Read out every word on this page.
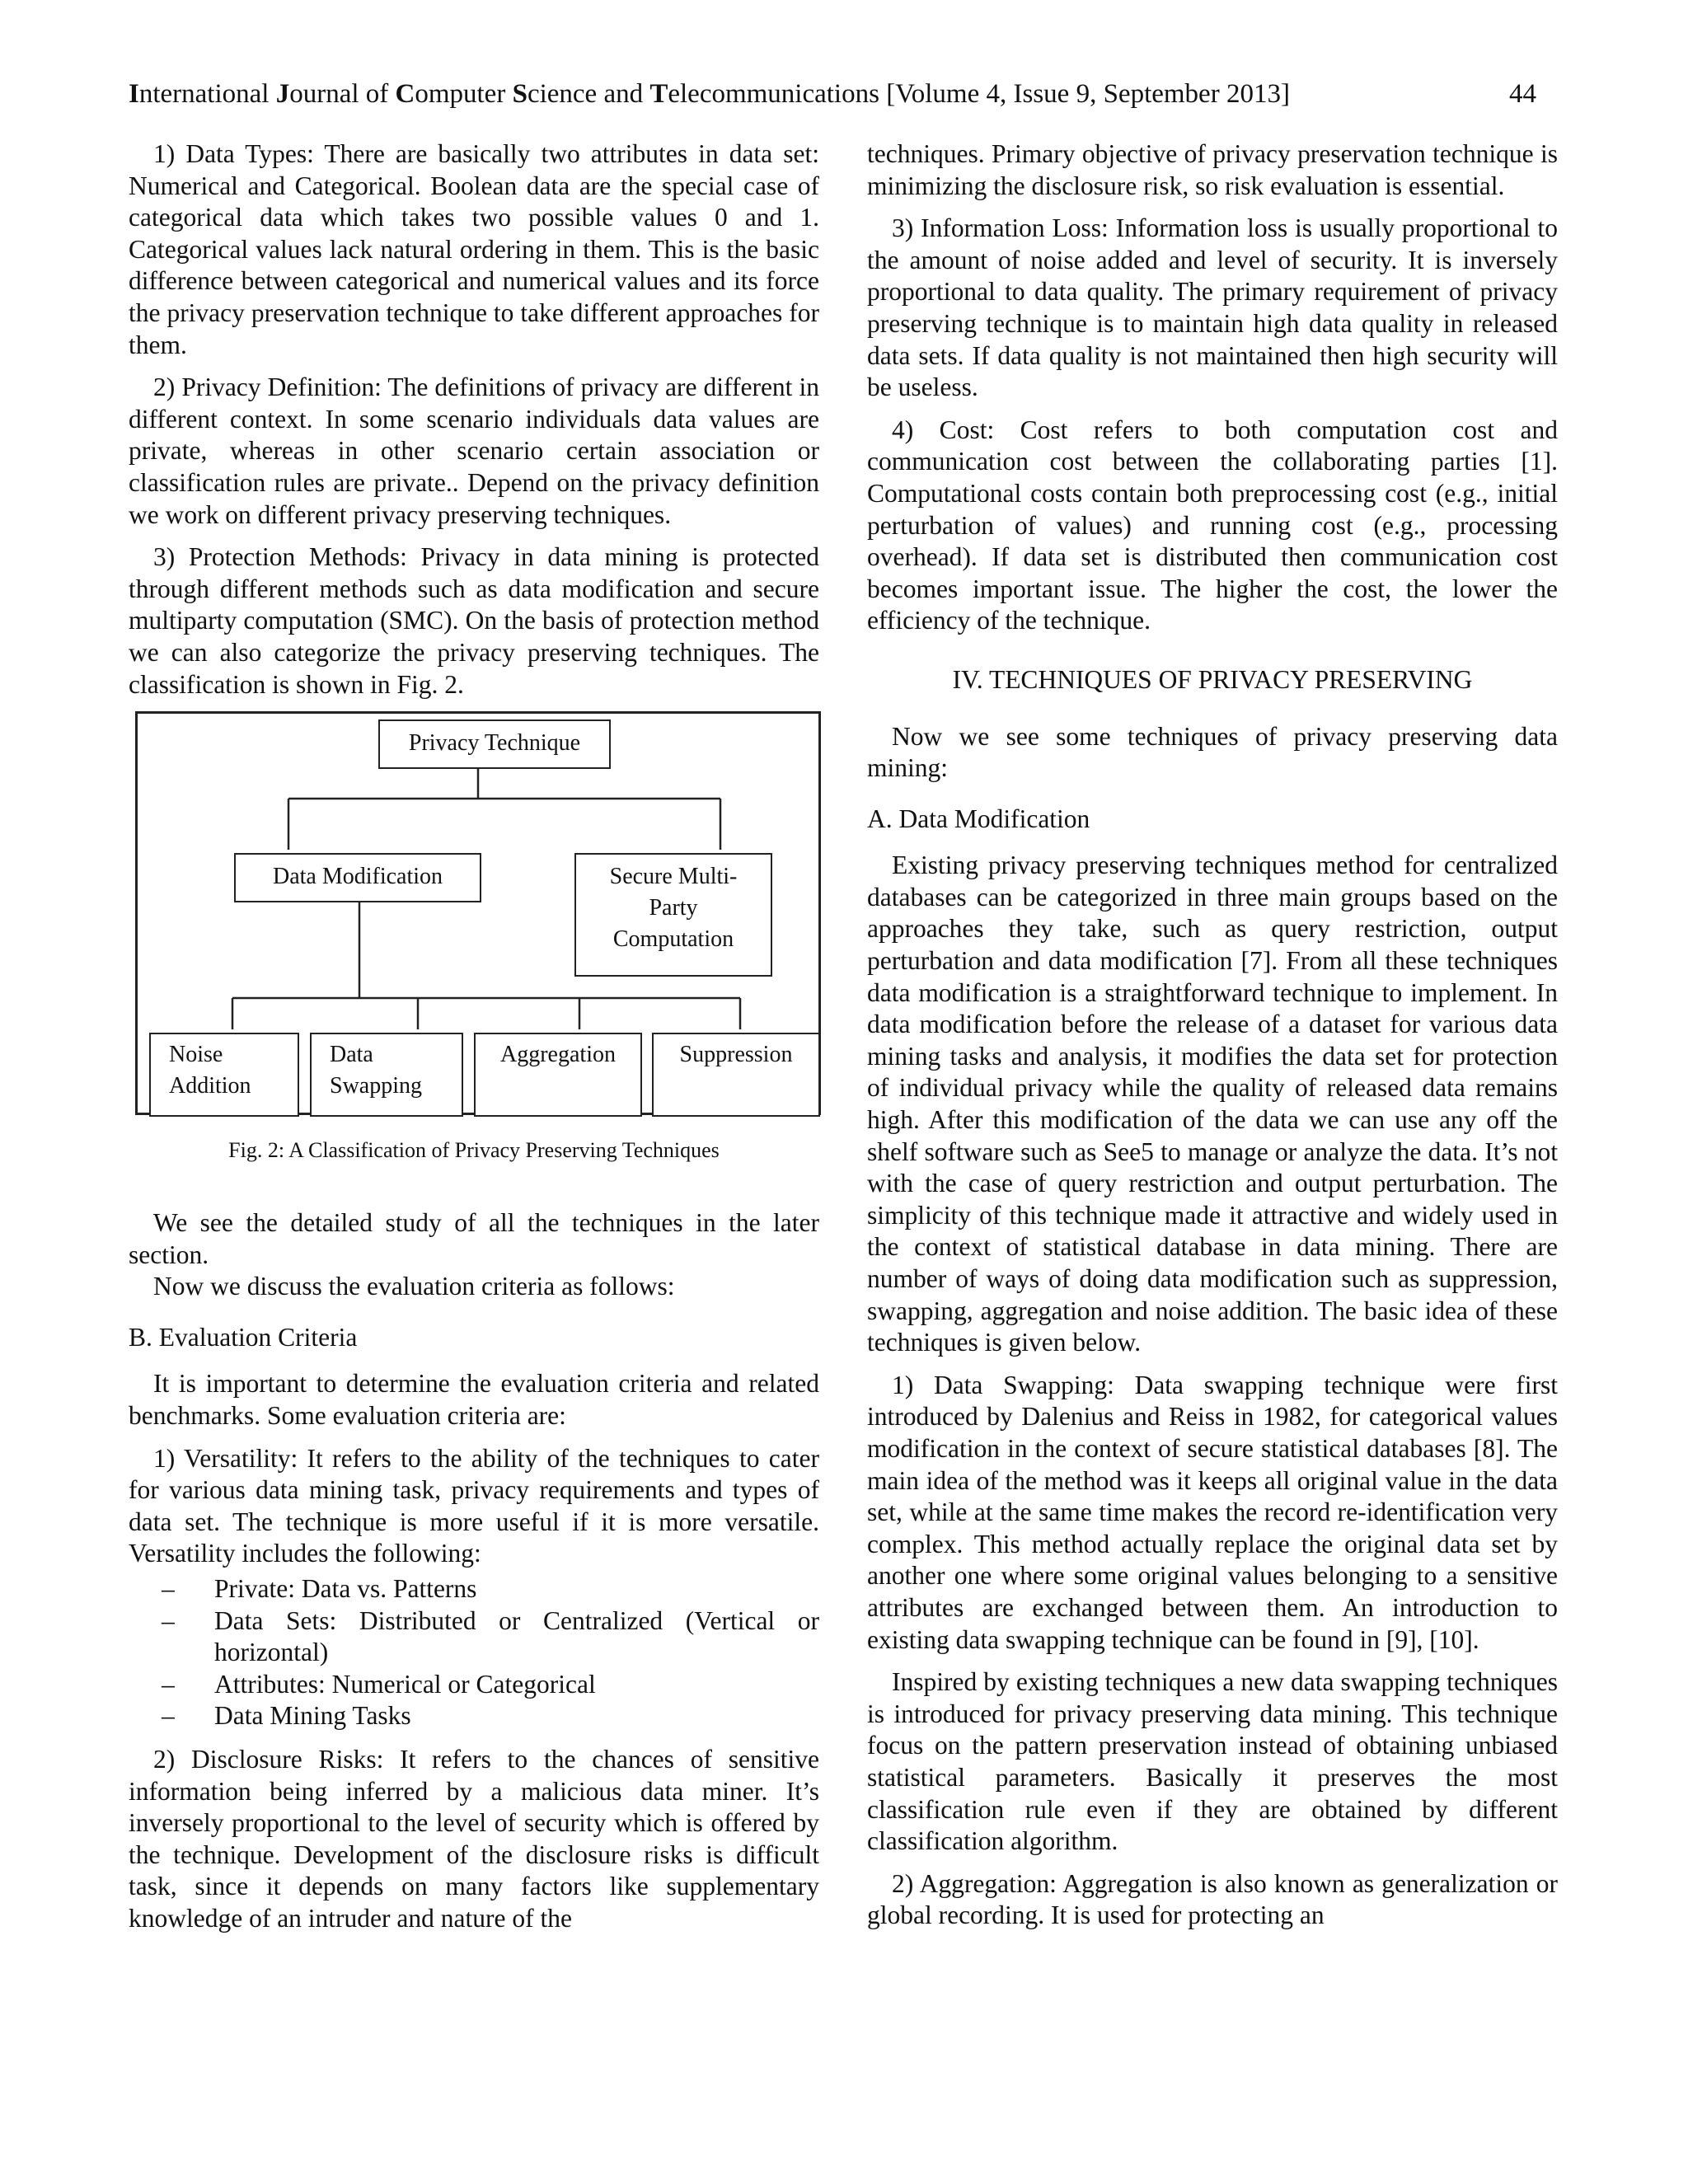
International Journal of Computer Science and Telecommunications [Volume 4, Issue 9, September 2013]	44

1) Data Types: There are basically two attributes in data set: Numerical and Categorical. Boolean data are the special case of categorical data which takes two possible values 0 and 1. Categorical values lack natural ordering in them. This is the basic difference between categorical and numerical values and its force the privacy preservation technique to take different approaches for them.

2) Privacy Definition: The definitions of privacy are different in different context. In some scenario individuals data values are private, whereas in other scenario certain association or classification rules are private.. Depend on the privacy definition we work on different privacy preserving techniques.

3) Protection Methods: Privacy in data mining is protected through different methods such as data modification and secure multiparty computation (SMC). On the basis of protection method we can also categorize the privacy preserving techniques. The classification is shown in Fig. 2.

Privacy Technique
Data Modification	Secure Multi-
Party
Computation
Noise
Addition
Data
Swapping
Aggregation	Suppression
Fig. 2: A Classification of Privacy Preserving Techniques

We see the detailed study of all the techniques in the later section.

Now we discuss the evaluation criteria as follows:

B. Evaluation Criteria

It is important to determine the evaluation criteria and related benchmarks. Some evaluation criteria are:

1) Versatility: It refers to the ability of the techniques to cater for various data mining task, privacy requirements and types of data set. The technique is more useful if it is more versatile. Versatility includes the following:

– Private: Data vs. Patterns
– Data Sets: Distributed or Centralized (Vertical or horizontal)
– Attributes: Numerical or Categorical
– Data Mining Tasks

2) Disclosure Risks: It refers to the chances of sensitive information being inferred by a malicious data miner. It’s inversely proportional to the level of security which is offered by the technique. Development of the disclosure risks is difficult task, since it depends on many factors like supplementary knowledge of an intruder and nature of the

techniques. Primary objective of privacy preservation technique is minimizing the disclosure risk, so risk evaluation is essential.

3) Information Loss: Information loss is usually proportional to the amount of noise added and level of security. It is inversely proportional to data quality. The primary requirement of privacy preserving technique is to maintain high data quality in released data sets. If data quality is not maintained then high security will be useless.

4) Cost: Cost refers to both computation cost and communication cost between the collaborating parties [1]. Computational costs contain both preprocessing cost (e.g., initial perturbation of values) and running cost (e.g., processing overhead). If data set is distributed then communication cost becomes important issue. The higher the cost, the lower the efficiency of the technique.

IV. TECHNIQUES OF PRIVACY PRESERVING

Now we see some techniques of privacy preserving data mining:

A. Data Modification

Existing privacy preserving techniques method for centralized databases can be categorized in three main groups based on the approaches they take, such as query restriction, output perturbation and data modification [7]. From all these techniques data modification is a straightforward technique to implement. In data modification before the release of a dataset for various data mining tasks and analysis, it modifies the data set for protection of individual privacy while the quality of released data remains high. After this modification of the data we can use any off the shelf software such as See5 to manage or analyze the data. It’s not with the case of query restriction and output perturbation. The simplicity of this technique made it attractive and widely used in the context of statistical database in data mining. There are number of ways of doing data modification such as suppression, swapping, aggregation and noise addition. The basic idea of these techniques is given below.

1) Data Swapping: Data swapping technique were first introduced by Dalenius and Reiss in 1982, for categorical values modification in the context of secure statistical databases [8]. The main idea of the method was it keeps all original value in the data set, while at the same time makes the record re-identification very complex. This method actually replace the original data set by another one where some original values belonging to a sensitive attributes are exchanged between them. An introduction to existing data swapping technique can be found in [9], [10].

Inspired by existing techniques a new data swapping techniques is introduced for privacy preserving data mining. This technique focus on the pattern preservation instead of obtaining unbiased statistical parameters. Basically it preserves the most classification rule even if they are obtained by different classification algorithm.

2) Aggregation: Aggregation is also known as generalization or global recording. It is used for protecting an
